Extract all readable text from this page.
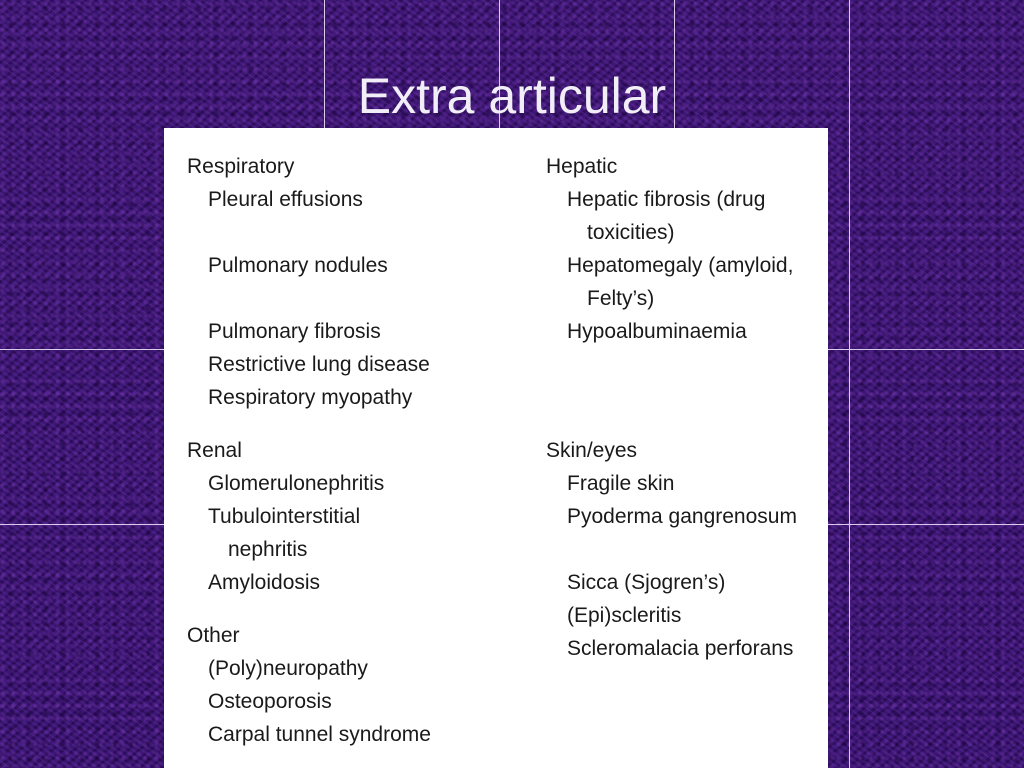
Extra articular
Respiratory
Pleural effusions
Pulmonary nodules
Pulmonary fibrosis
Restrictive lung disease
Respiratory myopathy
Renal
Glomerulonephritis
Tubulointerstitial
nephritis
Amyloidosis
Other
(Poly)neuropathy
Osteoporosis
Carpal tunnel syndrome
Hepatic
Hepatic fibrosis (drug
toxicities)
Hepatomegaly (amyloid,
Felty’s)
Hypoalbuminaemia
Skin/eyes
Fragile skin
Pyoderma gangrenosum
Sicca (Sjogren’s)
(Epi)scleritis
Scleromalacia perforans
